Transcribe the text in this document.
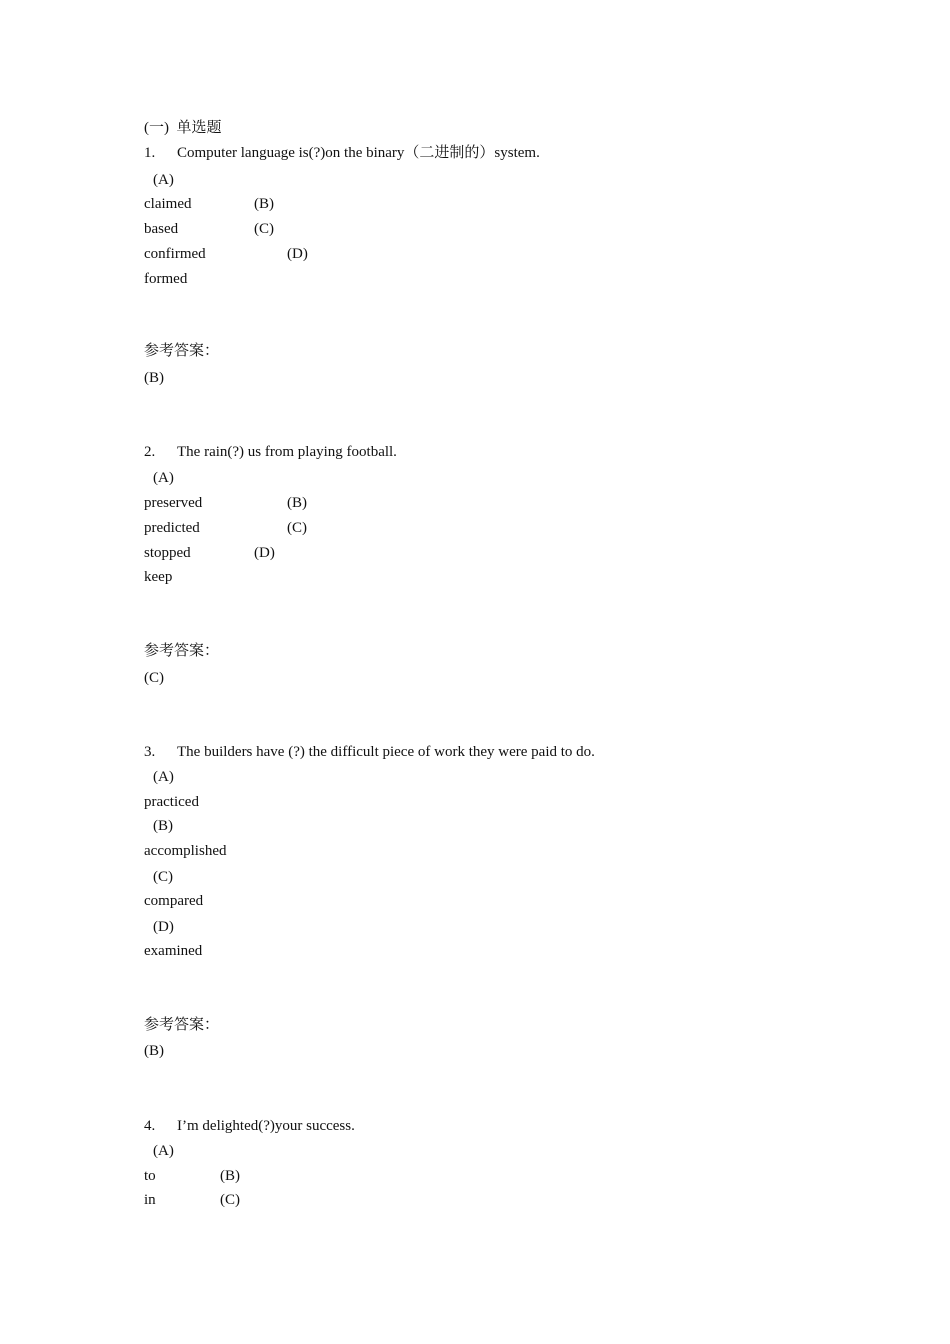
(一)  单选题
1. Computer language is(?)on the binary（二进制的）system.
(A)
claimed	(B)
based	(C)
confirmed	(D)
formed
参考答案：
(B)
2. The rain(?) us from playing football.
(A)
preserved	(B)
predicted	(C)
stopped	(D)
keep
参考答案：
(C)
3. The builders have (?) the difficult piece of work they were paid to do.
(A)
practiced
(B)
accomplished
(C)
compared
(D)
examined
参考答案：
(B)
4. I’m delighted(?)your success.
(A)
to	(B)
in	(C)
